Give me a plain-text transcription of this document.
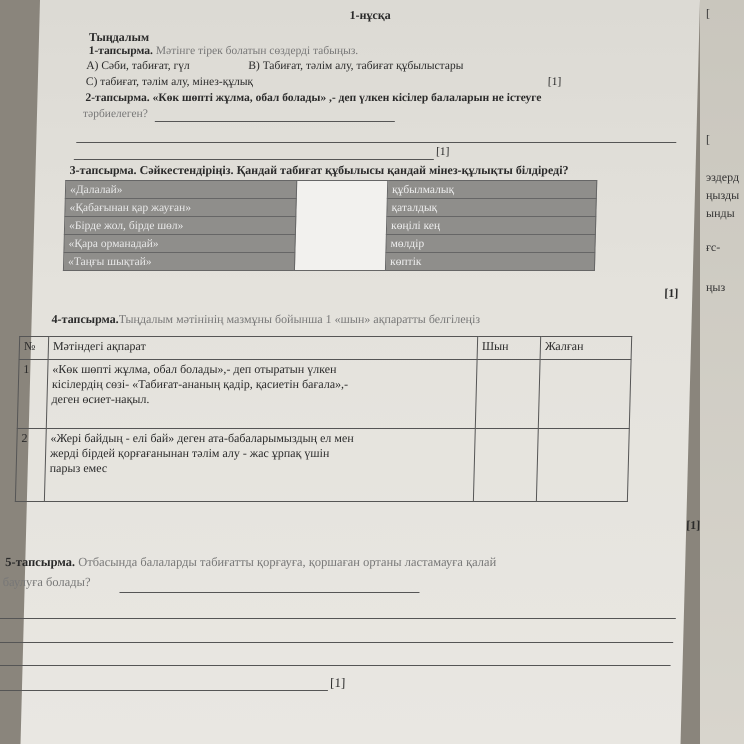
[
[
эздерд
ңызды
ынды
ғс-
ңыз
1-нұсқа
Тыңдалым
1-тапсырма. Мәтінге тірек болатын сөздерді табыңыз.
А) Сәби, табиғат, гүл	В) Табиғат, тәлім алу, табиғат құбылыстары
С) табиғат, тәлім алу, мінез-құлық	[1]
2-тапсырма. «Көк шөпті жұлма, обал болады» ,- деп үлкен кісілер балаларын не істеуге
тәрбиелеген?
[1]
3-тапсырма. Сәйкестендіріңіз. Қандай табиғат құбылысы қандай мінез-құлықты білдіреді?
«Далалай»		құбылмалық
«Қабағынан қар жауған»		қаталдық
«Бірде жол, бірде шөл»		көңілі кең
«Қара орманадай»		мөлдір
«Таңғы шықтай»		көптік
[1]
4-тапсырма.Тыңдалым мәтінінің мазмұны бойынша 1 «шын» ақпаратты белгілеңіз
№	Мәтіндегі ақпарат	Шын	Жалған
1	«Көк шөпті жұлма, обал болады»,- деп отыратын үлкен
кісілердің сөзі- «Табиғат-ананың қадір, қасиетін бағала»,-
деген өсиет-нақыл.		

2	«Жері байдың - елі бай» деген ата-бабаларымыздың ел мен
жерді бірдей қорғағанынан тәлім алу - жас ұрпақ үшін
парыз емес		

[1]
5-тапсырма. Отбасында балаларды табиғатты қорғауға, қоршаған ортаны ластамауға қалай
баулуға болады?
[1]
